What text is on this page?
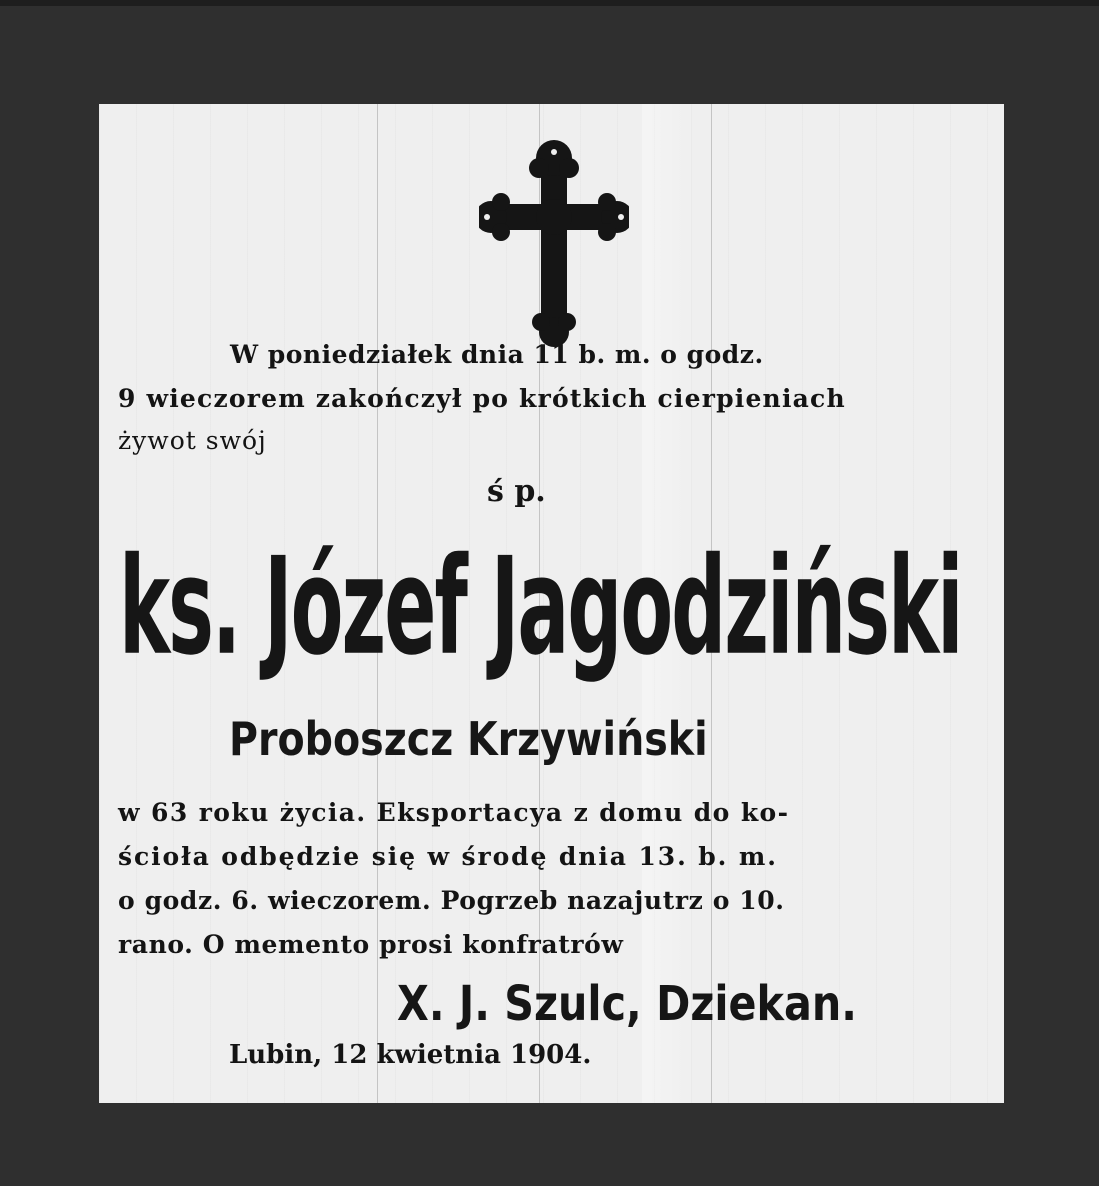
W poniedziałek dnia 11 b. m. o godz.

9 wieczorem zakończył po krótkich cierpieniach

żywot swój

ś p.

ks. Józef Jagodziński

Proboszcz Krzywiński

w 63 roku życia. Eksportacya z domu do ko-

ścioła odbędzie się w środę dnia 13. b. m.

o godz. 6. wieczorem. Pogrzeb nazajutrz o 10.

rano. O memento prosi konfratrów

X. J. Szulc, Dziekan.

Lubin, 12 kwietnia 1904.
